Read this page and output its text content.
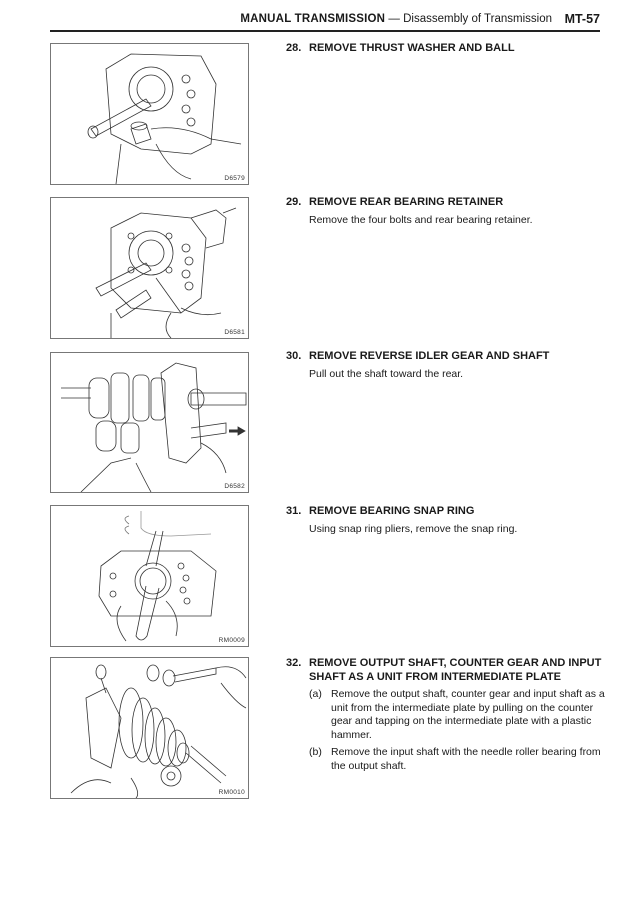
MANUAL TRANSMISSION — Disassembly of Transmission MT-57
D6579
D6581
D6582
RM0009
RM0010
28. REMOVE THRUST WASHER AND BALL
29. REMOVE REAR BEARING RETAINER
Remove the four bolts and rear bearing retainer.
30. REMOVE REVERSE IDLER GEAR AND SHAFT
Pull out the shaft toward the rear.
31. REMOVE BEARING SNAP RING
Using snap ring pliers, remove the snap ring.
32. REMOVE OUTPUT SHAFT, COUNTER GEAR AND INPUT
SHAFT AS A UNIT FROM INTERMEDIATE PLATE
(a) Remove the output shaft, counter gear and input shaft as a unit from the intermediate plate by pulling on the counter gear and tapping on the intermediate plate with a plastic hammer.
(b) Remove the input shaft with the needle roller bearing from the output shaft.
